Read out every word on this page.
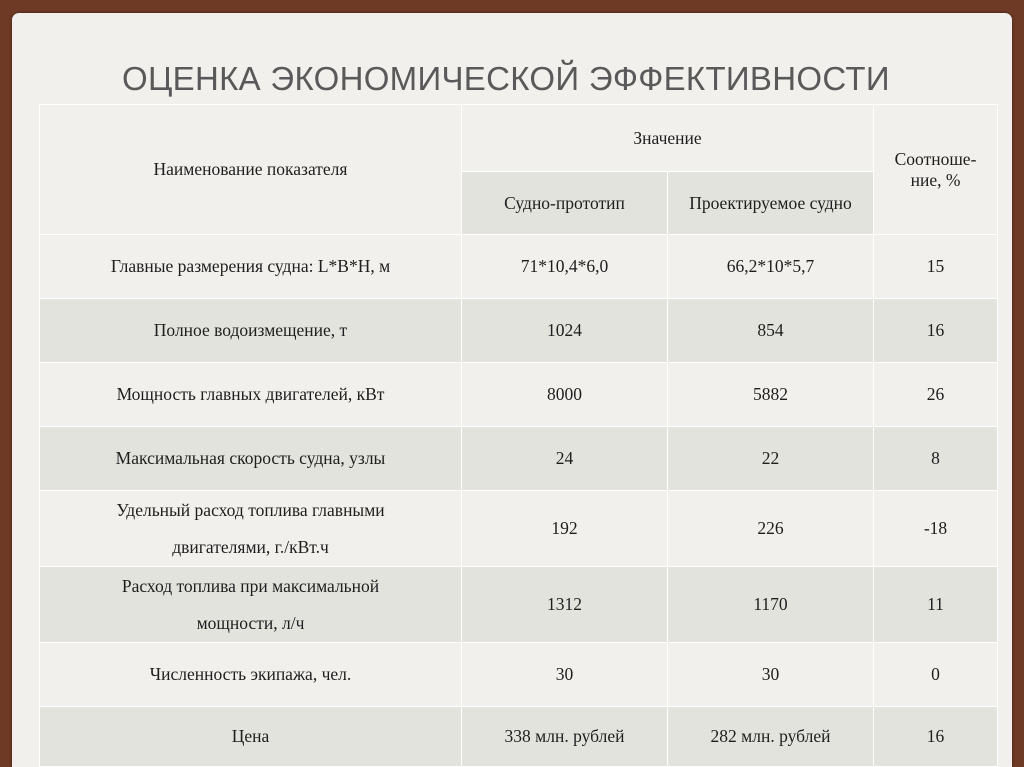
ОЦЕНКА ЭКОНОМИЧЕСКОЙ ЭФФЕКТИВНОСТИ
Наименование показателя	Значение		Соотноше-
ние, %
	Судно-прототип	Проектируемое судно	
Главные размерения судна: L*B*H, м	71*10,4*6,0	66,2*10*5,7	15
Полное водоизмещение, т	1024	854	16
Мощность главных двигателей, кВт	8000	5882	26
Максимальная скорость судна, узлы	24	22	8
Удельный расход топлива главными
двигателями, г./кВт.ч	192	226	-18
Расход топлива при максимальной
мощности, л/ч	1312	1170	11
Численность экипажа, чел.	30	30	0
Цена	338 млн. рублей	282 млн. рублей	16
